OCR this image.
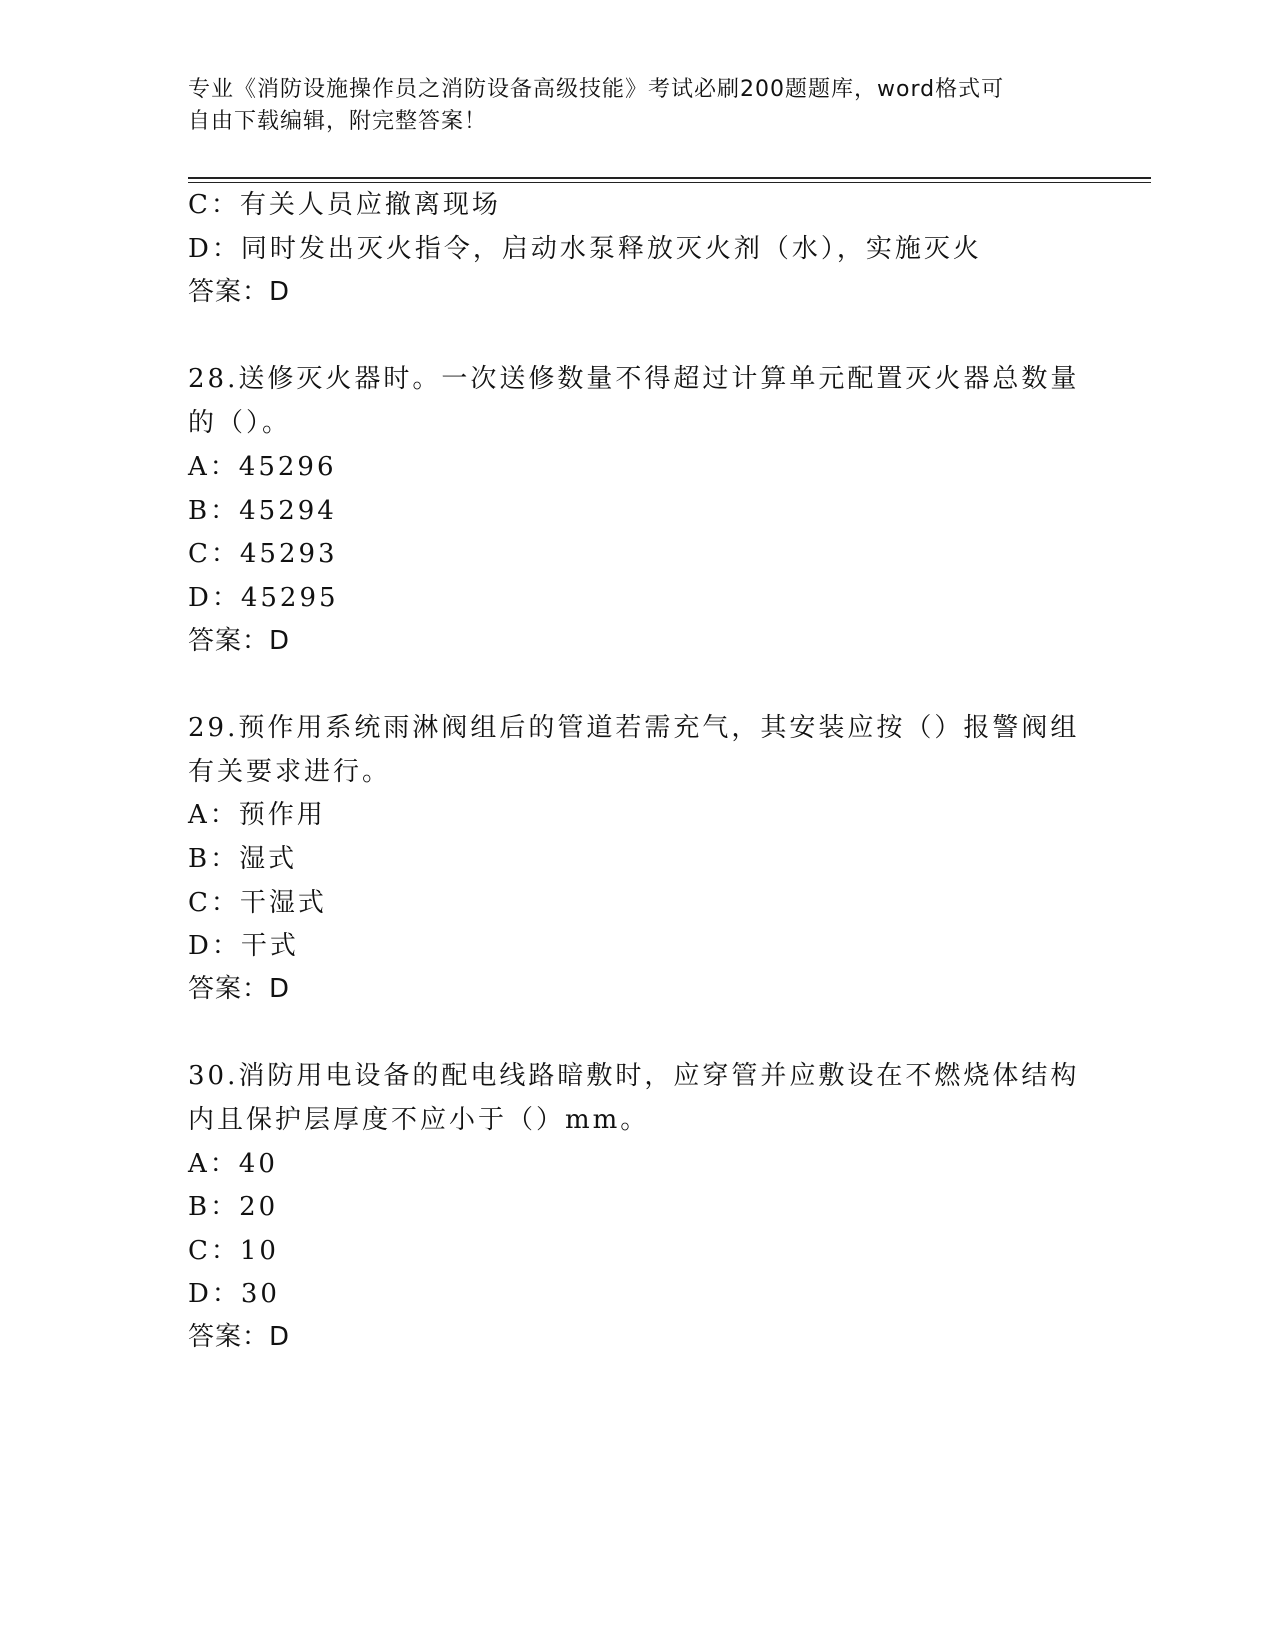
专业《消防设施操作员之消防设备高级技能》考试必刷200题题库，word格式可
自由下载编辑，附完整答案！
C：有关人员应撤离现场
D：同时发出灭火指令，启动水泵释放灭火剂（水），实施灭火
答案：D
28.送修灭火器时。一次送修数量不得超过计算单元配置灭火器总数量
的（）。
A：45296
B：45294
C：45293
D：45295
答案：D
29.预作用系统雨淋阀组后的管道若需充气，其安装应按（）报警阀组
有关要求进行。
A：预作用
B：湿式
C：干湿式
D：干式
答案：D
30.消防用电设备的配电线路暗敷时，应穿管并应敷设在不燃烧体结构
内且保护层厚度不应小于（）mm。
A：40
B：20
C：10
D：30
答案：D
